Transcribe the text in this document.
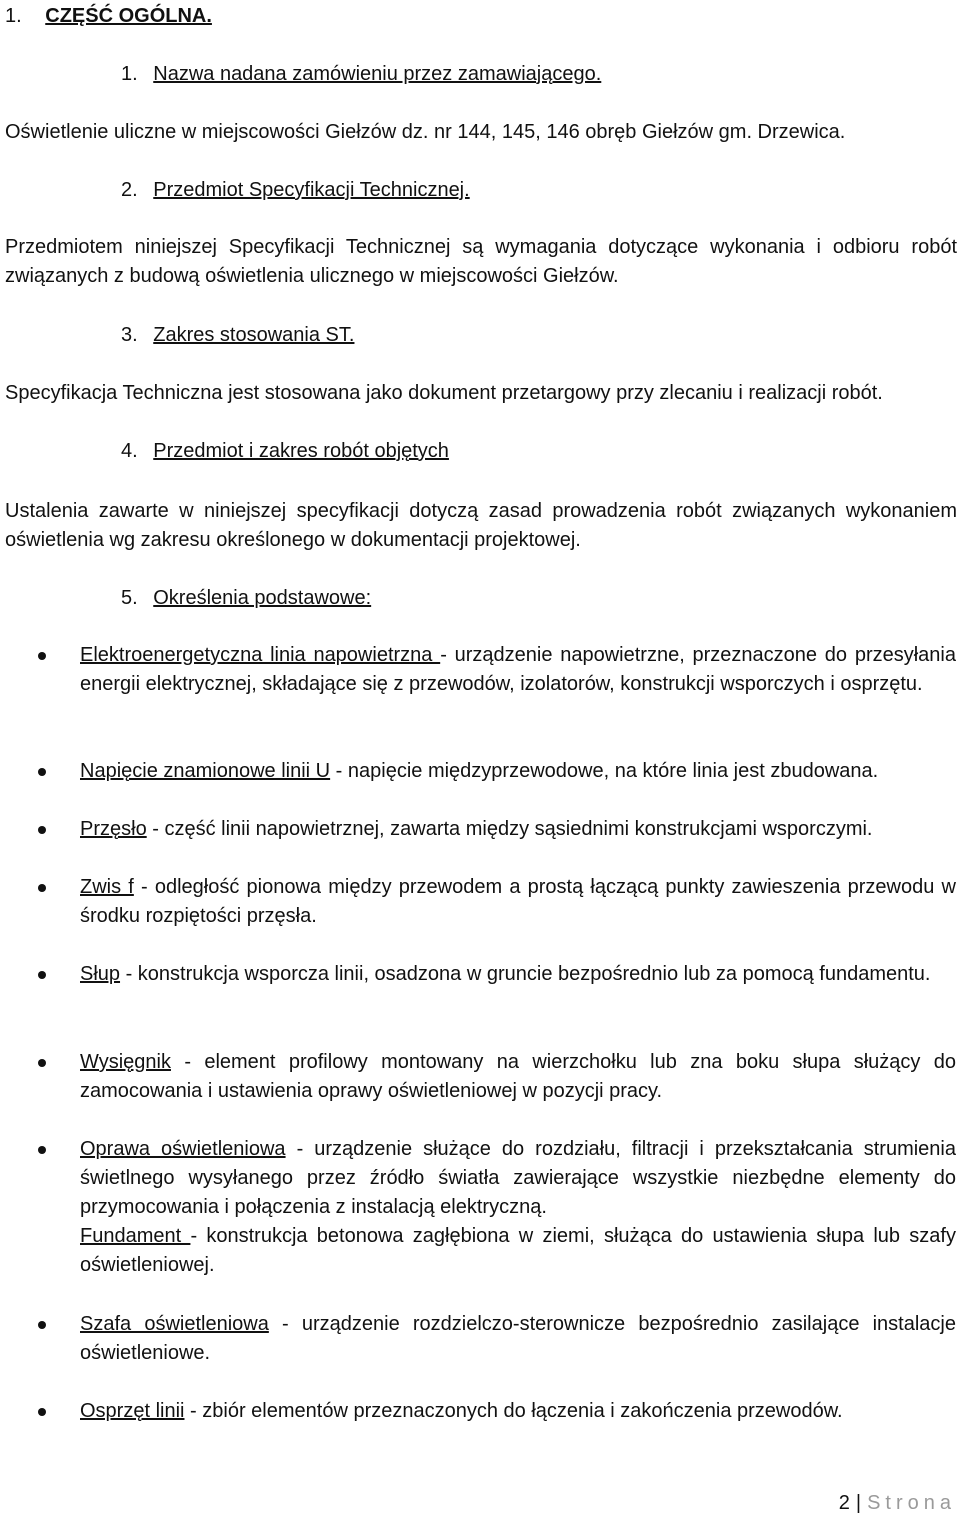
1. CZĘŚĆ OGÓLNA.
1. Nazwa nadana zamówieniu przez zamawiającego.
Oświetlenie uliczne w miejscowości Giełzów dz. nr 144, 145, 146 obręb Giełzów gm. Drzewica.
2. Przedmiot Specyfikacji Technicznej.
Przedmiotem niniejszej Specyfikacji Technicznej są wymagania dotyczące wykonania i odbioru robót związanych z budową oświetlenia ulicznego w miejscowości Giełzów.
3. Zakres stosowania ST.
Specyfikacja Techniczna jest stosowana jako dokument przetargowy przy zlecaniu i realizacji robót.
4. Przedmiot i zakres robót objętych
Ustalenia zawarte w niniejszej specyfikacji dotyczą zasad prowadzenia robót związanych wykonaniem oświetlenia wg zakresu określonego w dokumentacji projektowej.
5. Określenia podstawowe:
Elektroenergetyczna linia napowietrzna - urządzenie napowietrzne, przeznaczone do przesyłania energii elektrycznej, składające się z przewodów, izolatorów, konstrukcji wsporczych i osprzętu.
Napięcie znamionowe linii U - napięcie międzyprzewodowe, na które linia jest zbudowana.
Przęsło - część linii napowietrznej, zawarta między sąsiednimi konstrukcjami wsporczymi.
Zwis f - odległość pionowa między przewodem a prostą łączącą punkty zawieszenia przewodu w środku rozpiętości przęsła.
Słup - konstrukcja wsporcza linii, osadzona w gruncie bezpośrednio lub za pomocą fundamentu.
Wysięgnik - element profilowy montowany na wierzchołku lub zna boku słupa służący do zamocowania i ustawienia oprawy oświetleniowej w pozycji pracy.
Oprawa oświetleniowa - urządzenie służące do rozdziału, filtracji i przekształcania strumienia świetlnego wysyłanego przez źródło światła zawierające wszystkie niezbędne elementy do przymocowania i połączenia z instalacją elektryczną.
Fundament - konstrukcja betonowa zagłębiona w ziemi, służąca do ustawienia słupa lub szafy oświetleniowej.
Szafa oświetleniowa - urządzenie rozdzielczo-sterownicze bezpośrednio zasilające instalacje oświetleniowe.
Osprzęt linii - zbiór elementów przeznaczonych do łączenia i zakończenia przewodów.
2 | Strona
